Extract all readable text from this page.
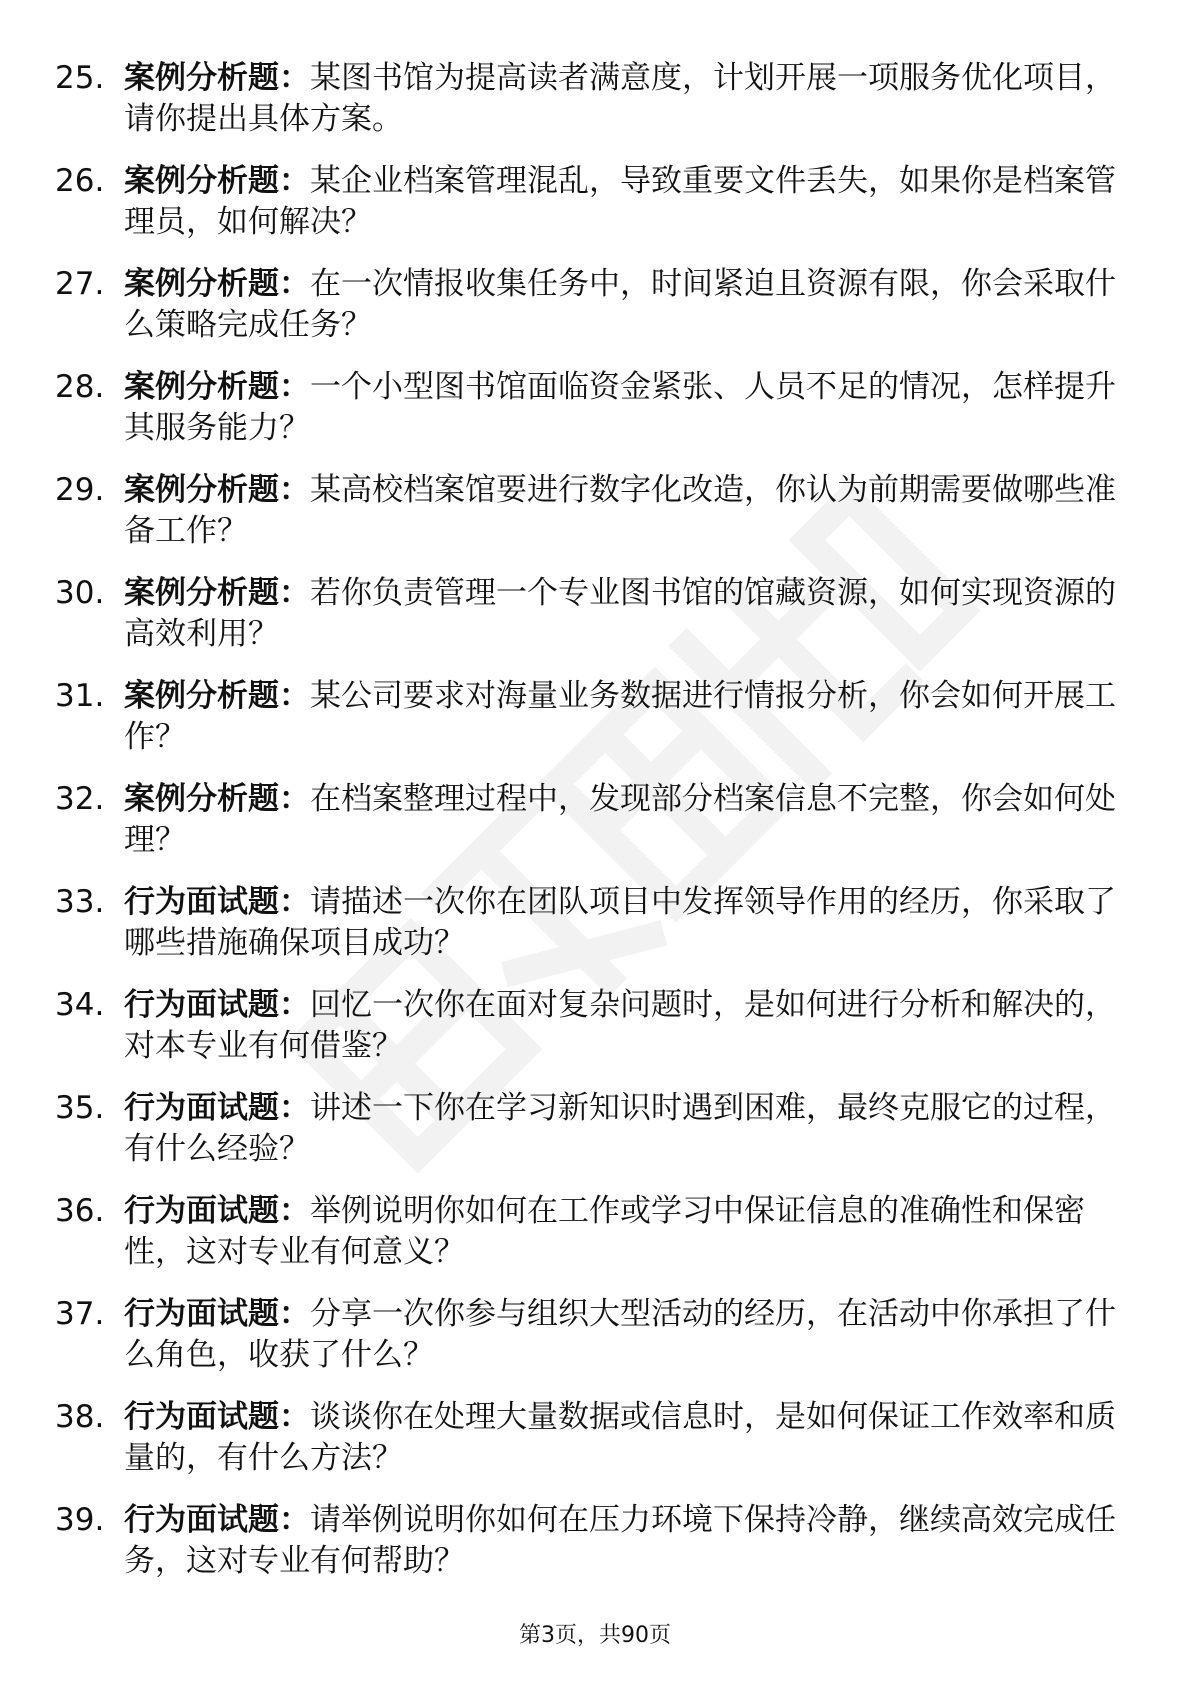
25. 案例分析题：某图书馆为提高读者满意度，计划开展一项服务优化项目，请你提出具体方案。
26. 案例分析题：某企业档案管理混乱，导致重要文件丢失，如果你是档案管理员，如何解决？
27. 案例分析题：在一次情报收集任务中，时间紧迫且资源有限，你会采取什么策略完成任务？
28. 案例分析题：一个小型图书馆面临资金紧张、人员不足的情况，怎样提升其服务能力？
29. 案例分析题：某高校档案馆要进行数字化改造，你认为前期需要做哪些准备工作？
30. 案例分析题：若你负责管理一个专业图书馆的馆藏资源，如何实现资源的高效利用？
31. 案例分析题：某公司要求对海量业务数据进行情报分析，你会如何开展工作？
32. 案例分析题：在档案整理过程中，发现部分档案信息不完整，你会如何处理？
33. 行为面试题：请描述一次你在团队项目中发挥领导作用的经历，你采取了哪些措施确保项目成功？
34. 行为面试题：回忆一次你在面对复杂问题时，是如何进行分析和解决的，对本专业有何借鉴？
35. 行为面试题：讲述一下你在学习新知识时遇到困难，最终克服它的过程，有什么经验？
36. 行为面试题：举例说明你如何在工作或学习中保证信息的准确性和保密性，这对专业有何意义？
37. 行为面试题：分享一次你参与组织大型活动的经历，在活动中你承担了什么角色，收获了什么？
38. 行为面试题：谈谈你在处理大量数据或信息时，是如何保证工作效率和质量的，有什么方法？
39. 行为面试题：请举例说明你如何在压力环境下保持冷静，继续高效完成任务，这对专业有何帮助？
第3页，共90页
